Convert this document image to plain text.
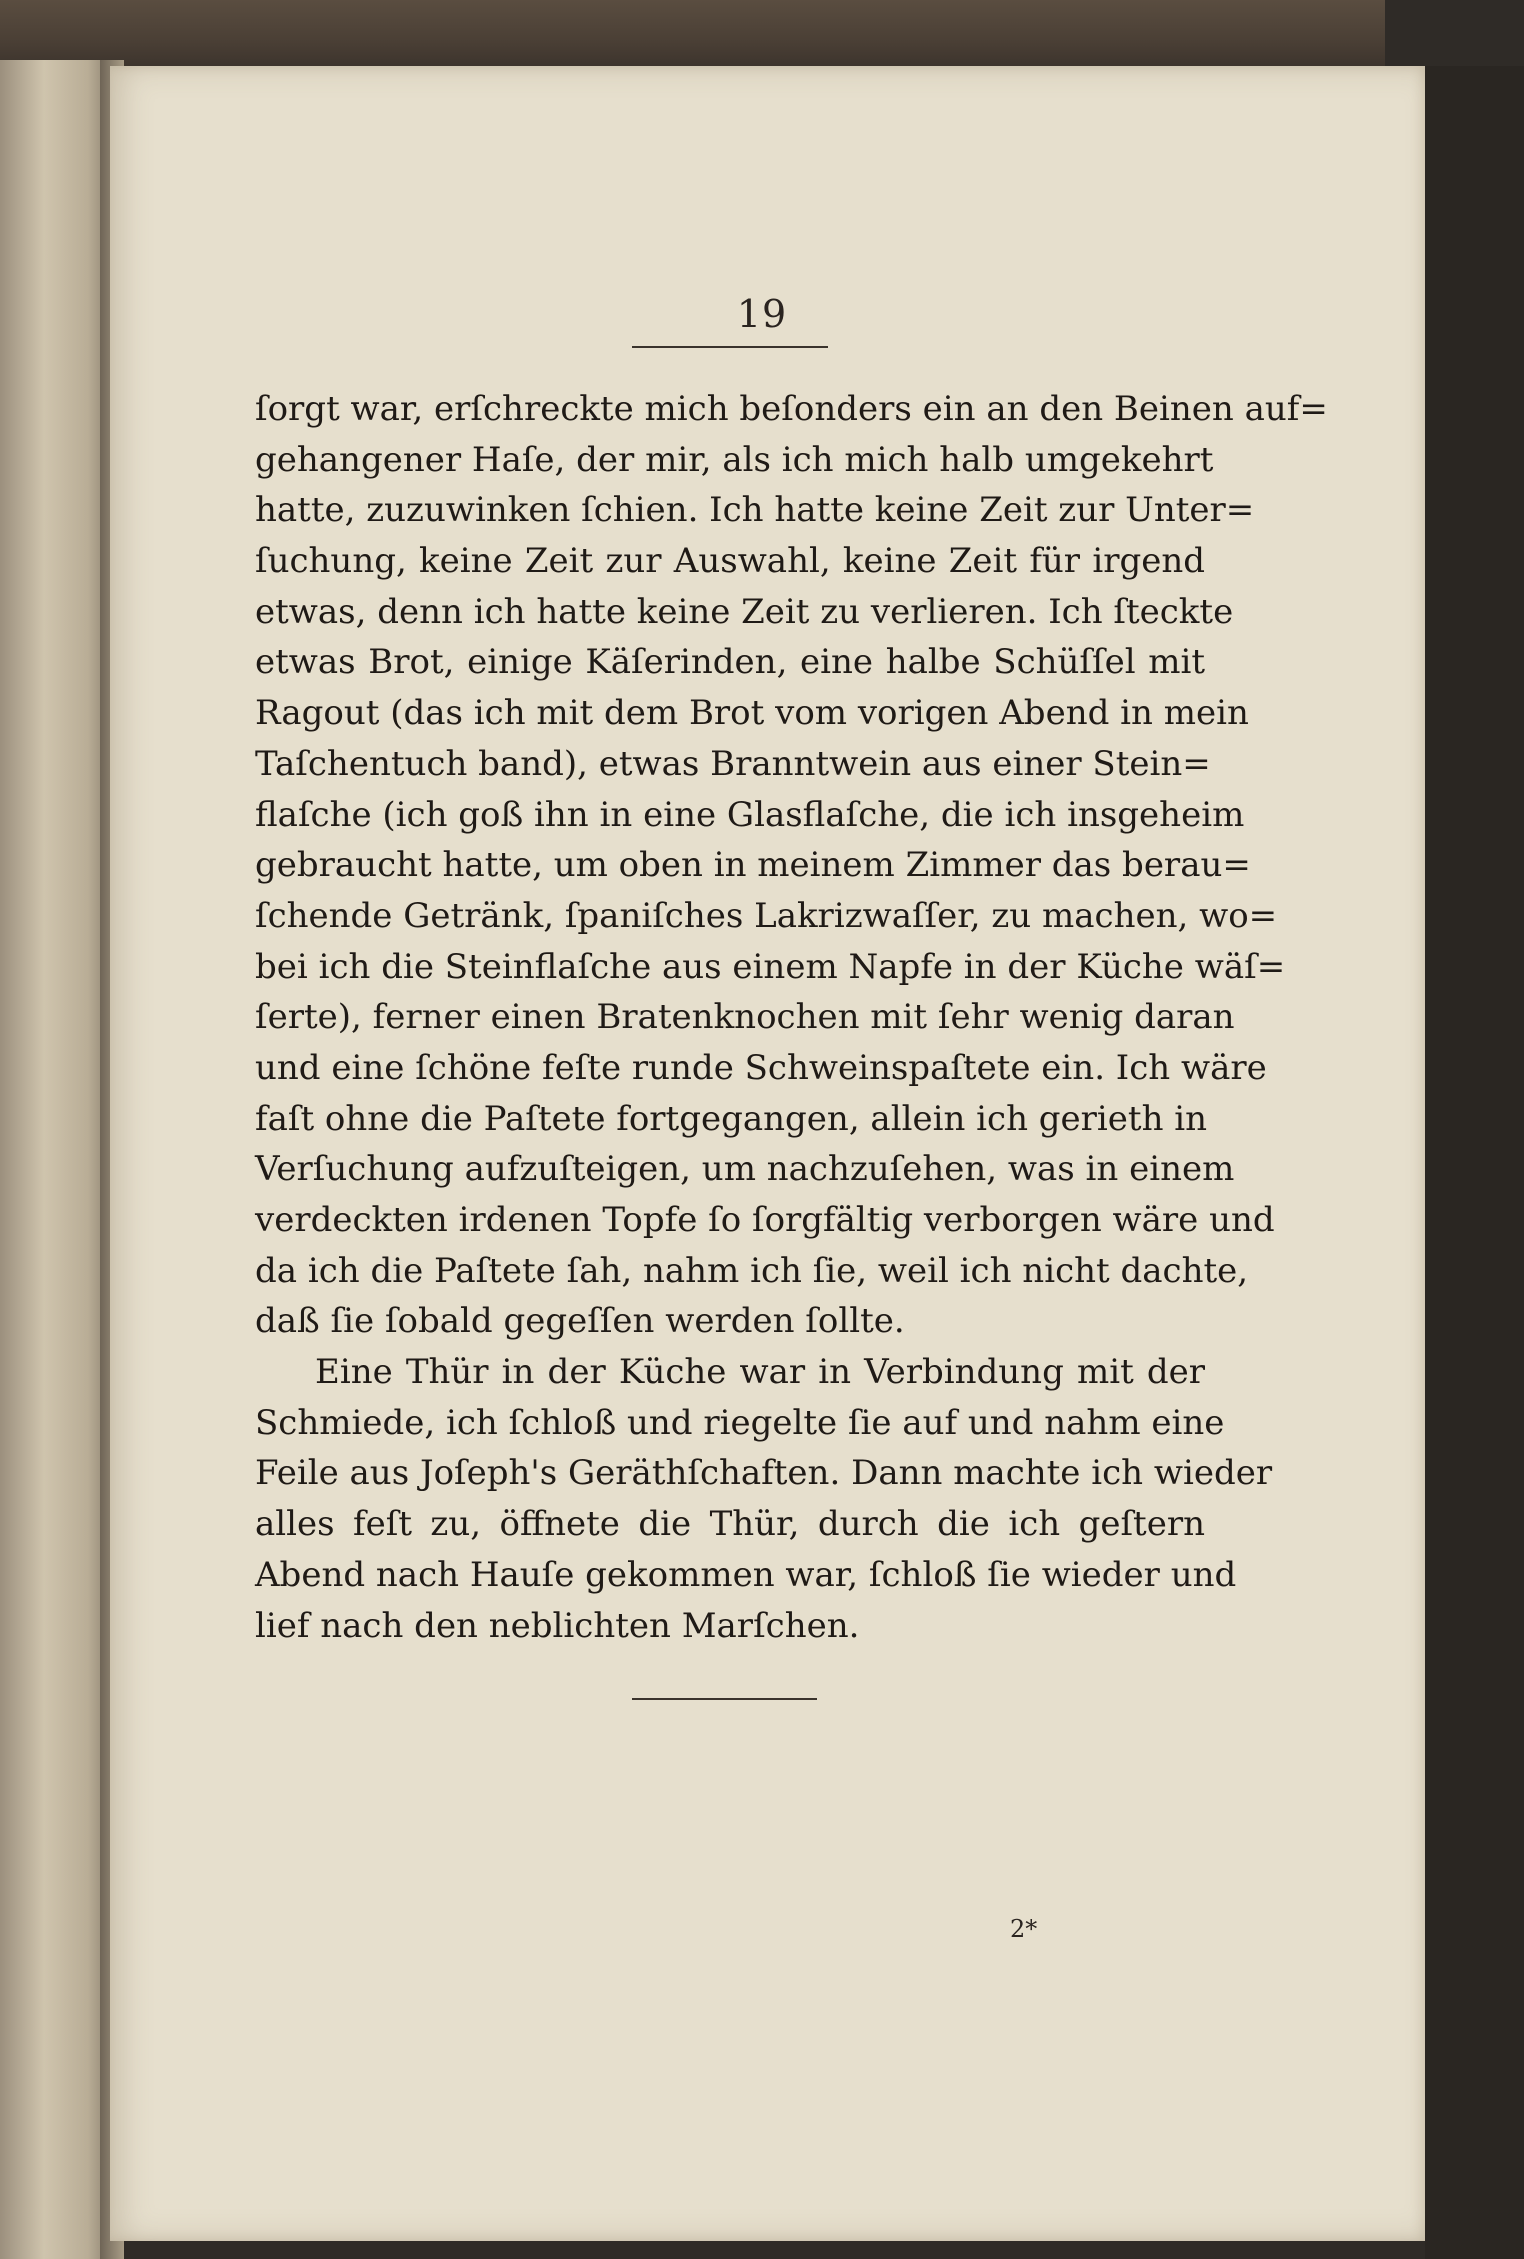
19
ſorgt war, erſchreckte mich beſonders ein an den Beinen auf=
gehangener Haſe, der mir, als ich mich halb umgekehrt
hatte, zuzuwinken ſchien. Ich hatte keine Zeit zur Unter=
ſuchung, keine Zeit zur Auswahl, keine Zeit für irgend
etwas, denn ich hatte keine Zeit zu verlieren. Ich ſteckte
etwas Brot, einige Käſerinden, eine halbe Schüſſel mit
Ragout (das ich mit dem Brot vom vorigen Abend in mein
Taſchentuch band), etwas Branntwein aus einer Stein=
flaſche (ich goß ihn in eine Glasflaſche, die ich insgeheim
gebraucht hatte, um oben in meinem Zimmer das berau=
ſchende Getränk, ſpaniſches Lakrizwaſſer, zu machen, wo=
bei ich die Steinflaſche aus einem Napfe in der Küche wäſ=
ſerte), ferner einen Bratenknochen mit ſehr wenig daran
und eine ſchöne feſte runde Schweinspaſtete ein. Ich wäre
faſt ohne die Paſtete fortgegangen, allein ich gerieth in
Verſuchung aufzuſteigen, um nachzuſehen, was in einem
verdeckten irdenen Topfe ſo ſorgfältig verborgen wäre und
da ich die Paſtete ſah, nahm ich ſie, weil ich nicht dachte,
daß ſie ſobald gegeſſen werden ſollte.
Eine Thür in der Küche war in Verbindung mit der
Schmiede, ich ſchloß und riegelte ſie auf und nahm eine
Feile aus Joſeph's Geräthſchaften. Dann machte ich wieder
alles feſt zu, öffnete die Thür, durch die ich geſtern
Abend nach Hauſe gekommen war, ſchloß ſie wieder und
lief nach den neblichten Marſchen.
2*
